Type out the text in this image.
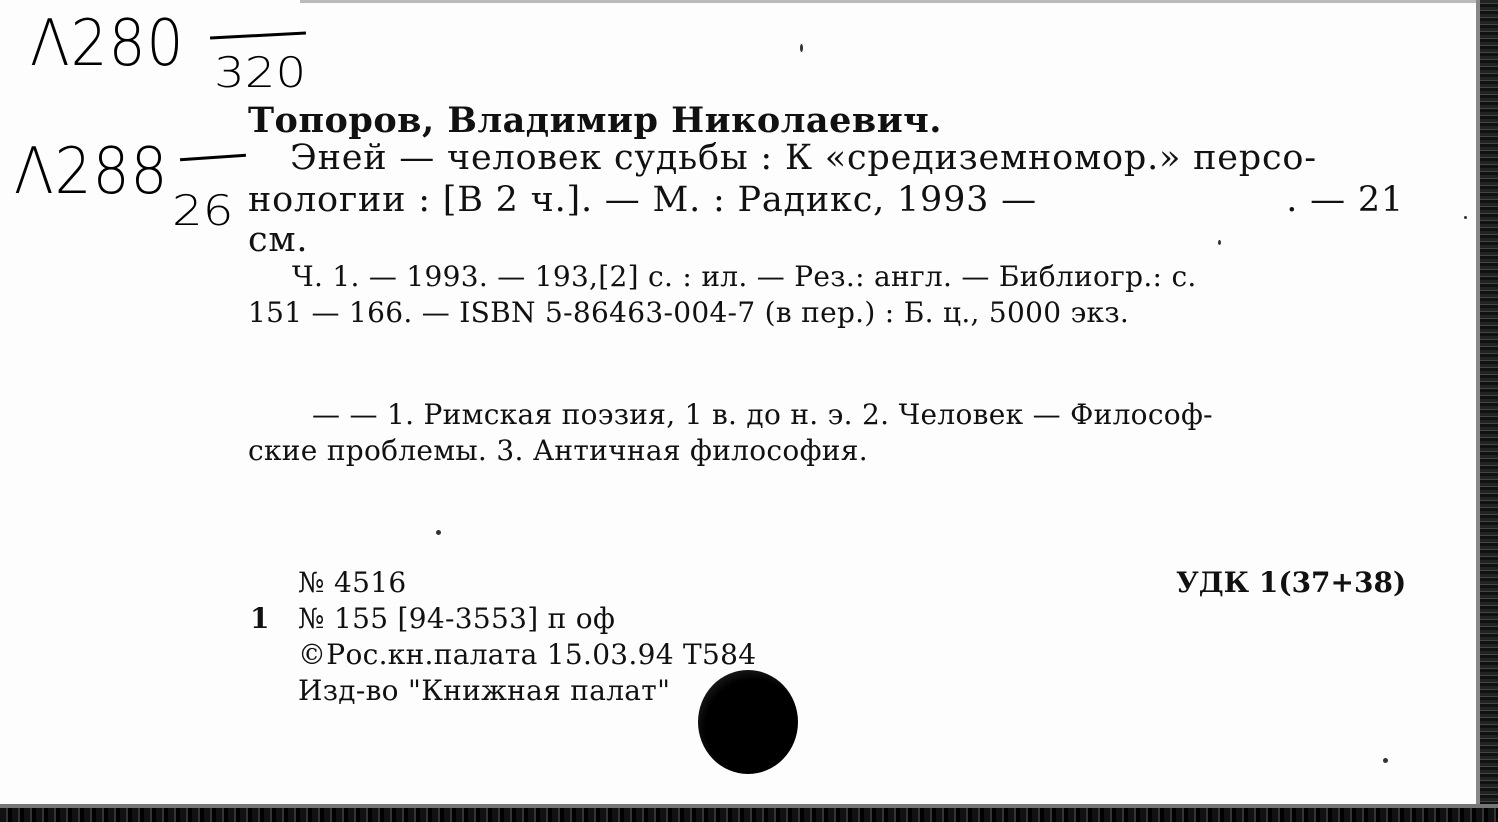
Λ280 320
Λ288
26
Топоров, Владимир Николаевич.
Эней — человек судьбы : К «средиземномор.» персо-
нологии : [В 2 ч.]. — М. : Радикс, 1993 —	. — 21
см.
Ч. 1. — 1993. — 193,[2] с. : ил. — Рез.: англ. — Библиогр.: с.
151 — 166. — ISBN 5-86463-004-7 (в пер.) : Б. ц., 5000 экз.
— — 1. Римская поэзия, 1 в. до н. э. 2. Человек — Философ-
ские проблемы. 3. Античная философия.
№ 4516	УДК 1(37+38)
1 № 155 [94-3553] п оф
©Рос.кн.палата 15.03.94 Т584
Изд-во "Книжная палат"
